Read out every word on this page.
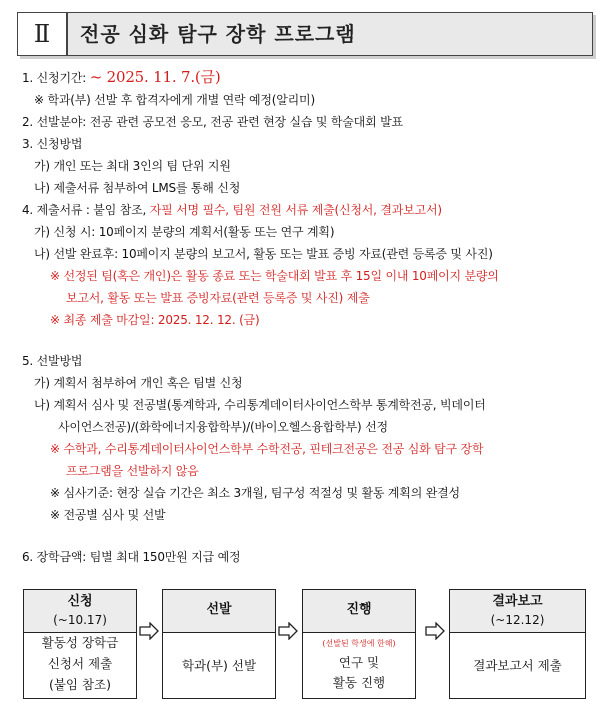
Ⅱ	전공 심화 탐구 장학 프로그램
1. 신청기간: ~ 2025. 11. 7.(금)
※ 학과(부) 선발 후 합격자에게 개별 연락 예정(알리미)
2. 선발분야: 전공 관련 공모전 응모, 전공 관련 현장 실습 및 학술대회 발표
3. 신청방법
가) 개인 또는 최대 3인의 팀 단위 지원
나) 제출서류 첨부하여 LMS를 통해 신청
4. 제출서류 : 붙임 참조, 자필 서명 필수, 팀원 전원 서류 제출(신청서, 결과보고서)
가) 신청 시: 10페이지 분량의 계획서(활동 또는 연구 계획)
나) 선발 완료후: 10페이지 분량의 보고서, 활동 또는 발표 증빙 자료(관련 등록증 및 사진)
※ 선정된 팀(혹은 개인)은 활동 종료 또는 학술대회 발표 후 15일 이내 10페이지 분량의
보고서, 활동 또는 발표 증빙자료(관련 등록증 및 사진) 제출
※ 최종 제출 마감일: 2025. 12. 12. (금)
5. 선발방법
가) 계획서 첨부하여 개인 혹은 팀별 신청
나) 계획서 심사 및 전공별(통계학과, 수리통계데이터사이언스학부 통계학전공, 빅데이터
사이언스전공)/(화학에너지융합학부)/(바이오헬스융합학부) 선정
※ 수학과, 수리통계데이터사이언스학부 수학전공, 핀테크전공은 전공 심화 탐구 장학
프로그램을 선발하지 않음
※ 심사기준: 현장 실습 기간은 최소 3개월, 팀구성 적절성 및 활동 계획의 완결성
※ 전공별 심사 및 선발
6. 장학금액: 팀별 최대 150만원 지급 예정
신청
(~10.17)
활동성 장학금
신청서 제출
(붙임 참조)
선발
학과(부) 선발
진행
(선발된 학생에 한해)
연구 및
활동 진행
결과보고
(~12.12)
결과보고서 제출
